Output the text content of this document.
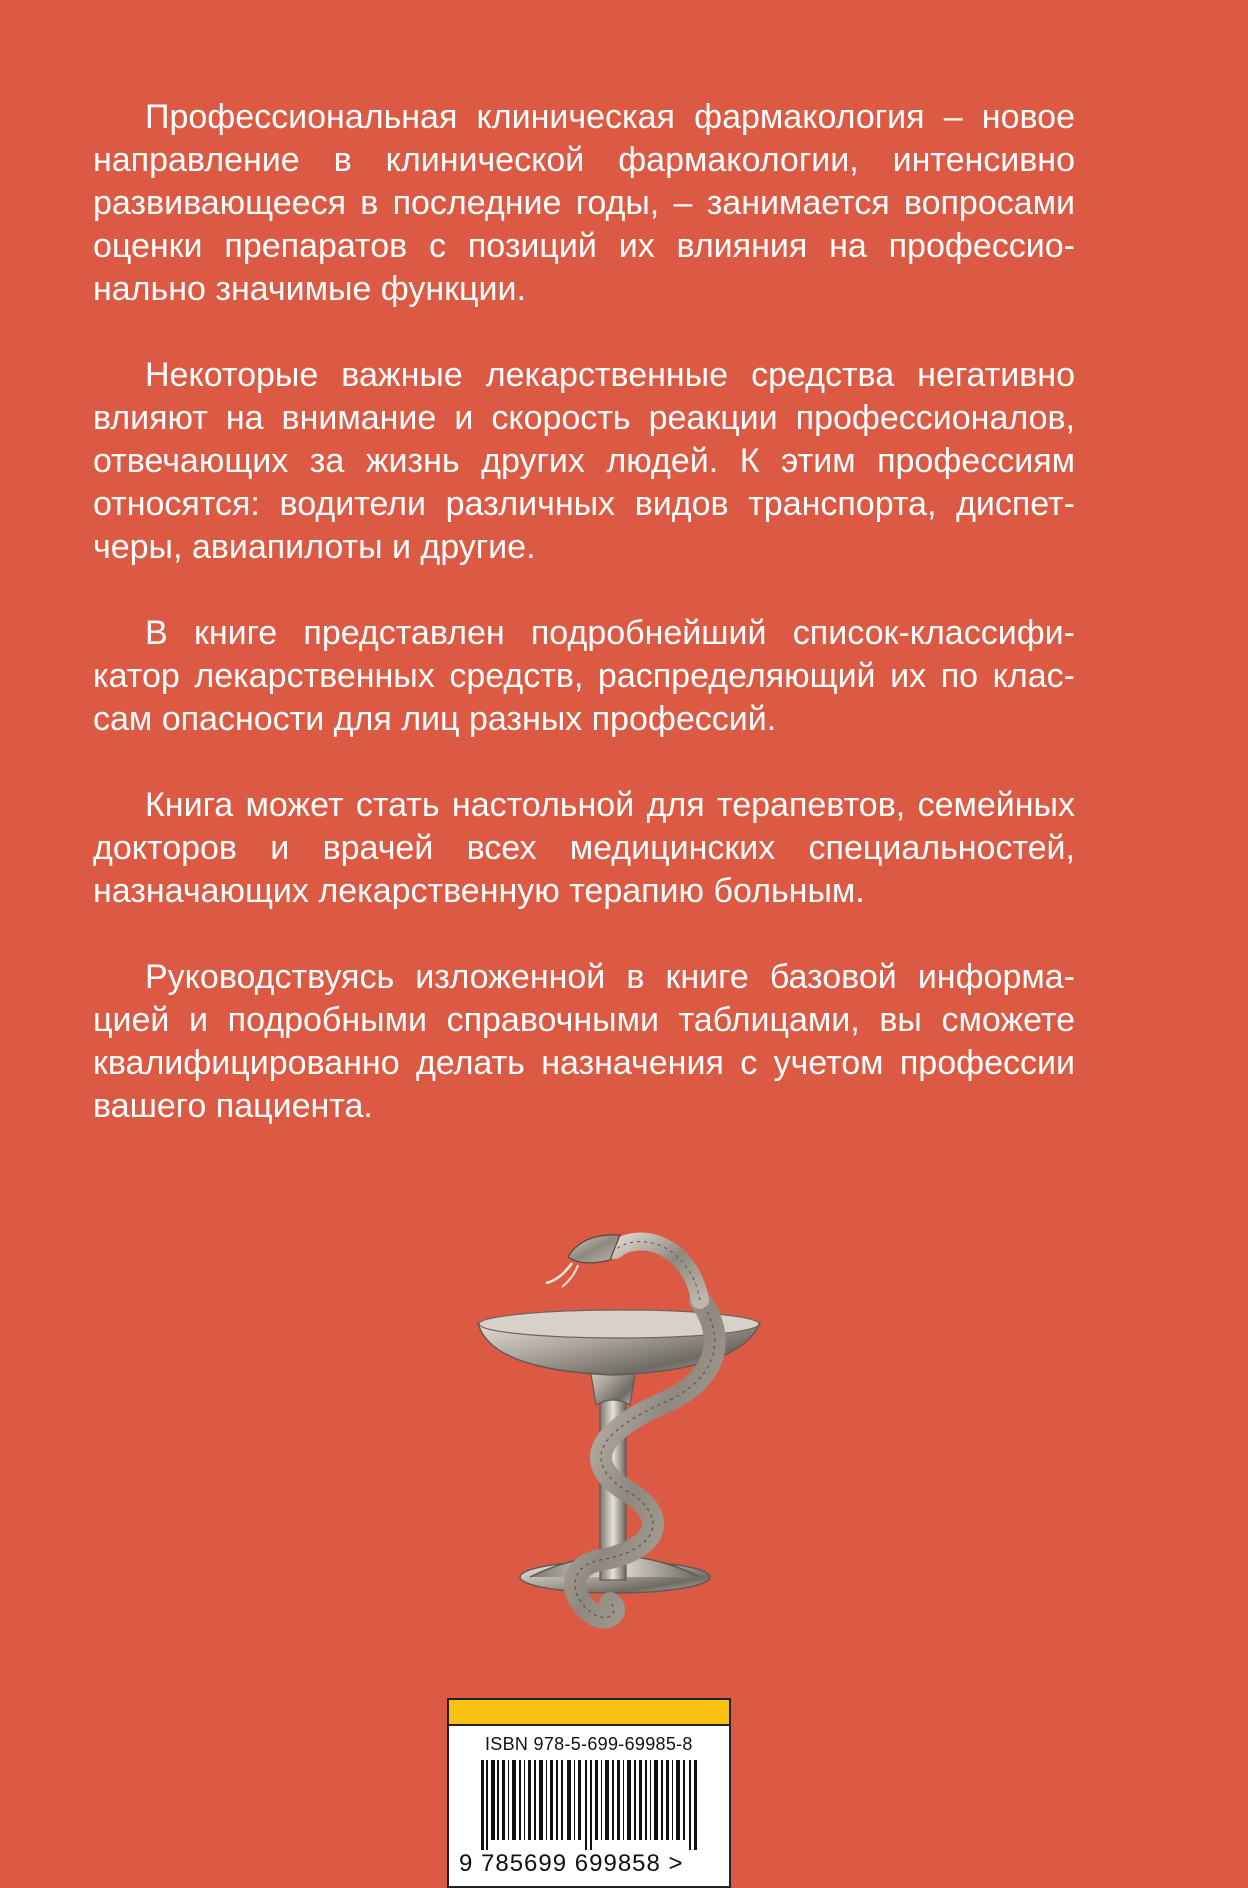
Профессиональная клиническая фармакология – новое направление в клинической фармакологии, интенсивно развивающееся в последние годы, – занимается вопросами оценки препаратов с позиций их влияния на профессионально значимые функции.

Некоторые важные лекарственные средства негативно влияют на внимание и скорость реакции профессионалов, отвечающих за жизнь других людей. К этим профессиям относятся: водители различных видов транспорта, диспетчеры, авиапилоты и другие.

В книге представлен подробнейший список-классификатор лекарственных средств, распределяющий их по классам опасности для лиц разных профессий.

Книга может стать настольной для терапевтов, семейных докторов и врачей всех медицинских специальностей, назначающих лекарственную терапию больным.

Руководствуясь изложенной в книге базовой информацией и подробными справочными таблицами, вы сможете квалифицированно делать назначения с учетом профессии вашего пациента.

ISBN 978-5-699-69985-8
9 785699 699858 >
